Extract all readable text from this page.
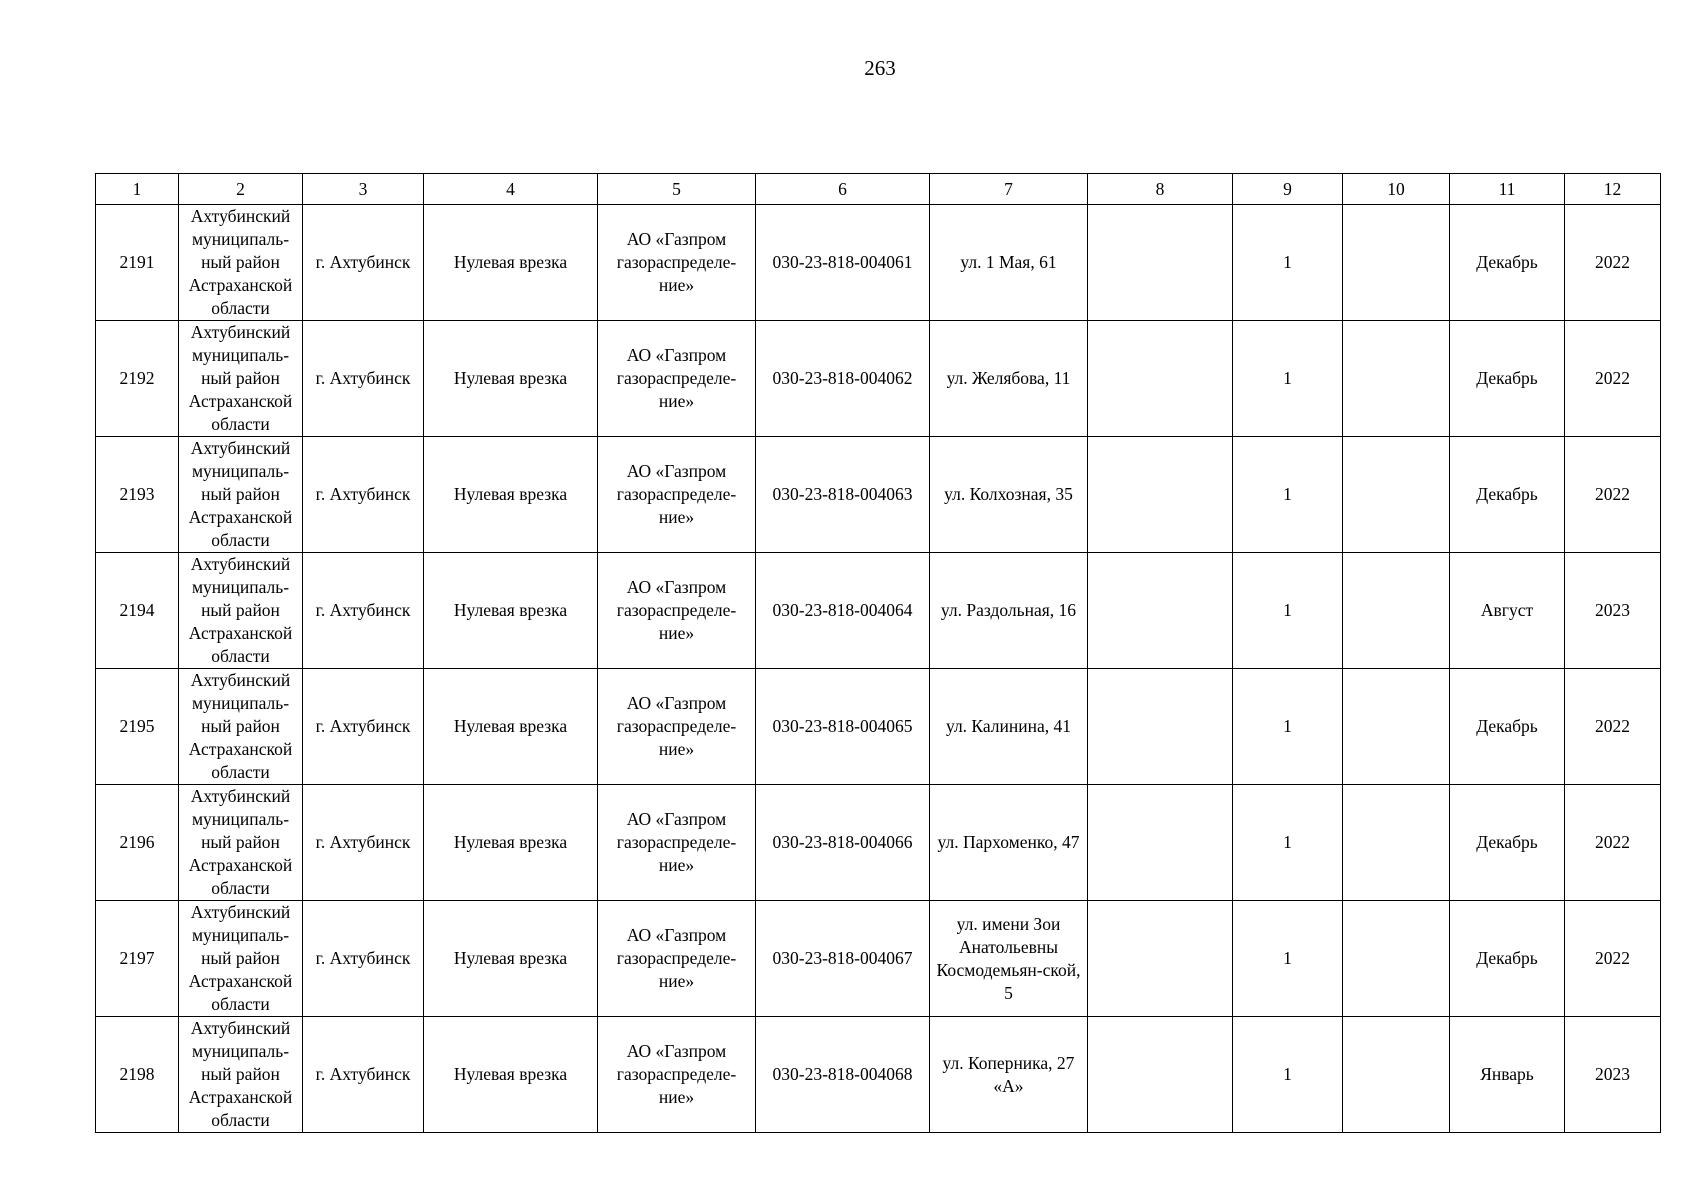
263
1	2	3	4	5	6	7	8	9	10	11	12
2191	Ахтубинский муниципаль-ный район Астраханской области	г. Ахтубинск	Нулевая врезка	АО «Газпром газораспределе-ние»	030-23-818-004061	ул. 1 Мая, 61		1		Декабрь	2022
2192	Ахтубинский муниципаль-ный район Астраханской области	г. Ахтубинск	Нулевая врезка	АО «Газпром газораспределе-ние»	030-23-818-004062	ул. Желябова, 11		1		Декабрь	2022
2193	Ахтубинский муниципаль-ный район Астраханской области	г. Ахтубинск	Нулевая врезка	АО «Газпром газораспределе-ние»	030-23-818-004063	ул. Колхозная, 35		1		Декабрь	2022
2194	Ахтубинский муниципаль-ный район Астраханской области	г. Ахтубинск	Нулевая врезка	АО «Газпром газораспределе-ние»	030-23-818-004064	ул. Раздольная, 16		1		Август	2023
2195	Ахтубинский муниципаль-ный район Астраханской области	г. Ахтубинск	Нулевая врезка	АО «Газпром газораспределе-ние»	030-23-818-004065	ул. Калинина, 41		1		Декабрь	2022
2196	Ахтубинский муниципаль-ный район Астраханской области	г. Ахтубинск	Нулевая врезка	АО «Газпром газораспределе-ние»	030-23-818-004066	ул. Пархоменко, 47		1		Декабрь	2022
2197	Ахтубинский муниципаль-ный район Астраханской области	г. Ахтубинск	Нулевая врезка	АО «Газпром газораспределе-ние»	030-23-818-004067	ул. имени Зои Анатольевны Космодемьян-ской, 5		1		Декабрь	2022
2198	Ахтубинский муниципаль-ный район Астраханской области	г. Ахтубинск	Нулевая врезка	АО «Газпром газораспределе-ние»	030-23-818-004068	ул. Коперника, 27 «А»		1		Январь	2023
